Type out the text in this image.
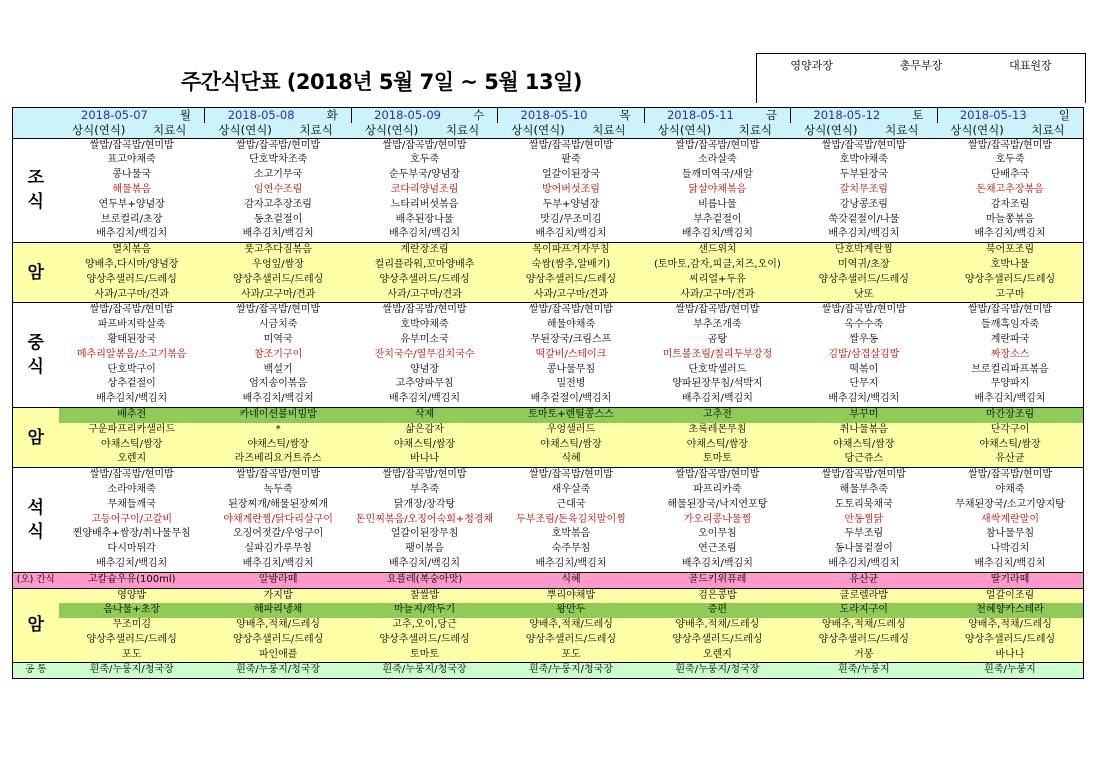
주간식단표 (2018년 5월 7일 ~ 5월 13일)
영양과장	총무부장	대표원장
	2018-05-07 월	2018-05-08 화	2018-05-09 수	2018-05-10 목	2018-05-11 금	2018-05-12 토	2018-05-13 일
	상식(연식) 치료식	상식(연식) 치료식	상식(연식) 치료식	상식(연식) 치료식	상식(연식) 치료식	상식(연식) 치료식	상식(연식) 치료식
조
식	쌀밥/잡곡밥/현미밥	쌀밥/잡곡밥/현미밥	쌀밥/잡곡밥/현미밥	쌀밥/잡곡밥/현미밥	쌀밥/잡곡밥/현미밥	쌀밥/잡곡밥/현미밥	쌀밥/잡곡밥/현미밥
	표고야채죽	단호박차조죽	호두죽	팥죽	소라살죽	호박야채죽	호두죽
	콩나물국	소고기무국	순두부국/양념장	얼갈이된장국	들깨미역국/새알	두부된장국	단배추국
	해물볶음	임연수조림	코다리양념조림	방어버섯조림	닭살야채볶음	갈치무조림	돈채고추장볶음
	연두부+양념장	감자고추장조림	느타리버섯볶음	두부+양념장	비름나물	강낭콩조림	감자조림
	브로컬리/초장	동초겉절이	배추된장나물	맛김/무조미김	부추겉절이	쑥갓겉절이/나물	마늘쫑볶음
	배추김치/백김치	배추김치/백김치	배추김치/백김치	배추김치/백김치	배추김치/백김치	배추김치/백김치	배추김치/백김치
암	멸치볶음	풋고추다짐볶음	계란장조림	목이파프겨자무침	샌드위치	단호박계란찜	북어포조림
	양배추,다시마/양념장	우엉잎/쌈장	컬리플라워,꼬마양배추	숙쌈(쌈추,알배기)	(토마토,감자,피클,치즈,오이)	미역귀/초장	호박나물
	양상추샐러드/드레싱	양상추샐러드/드레싱	양상추샐러드/드레싱	양상추샐러드/드레싱	씨리얼+두유	양상추샐러드/드레싱	양상추샐러드/드레싱
	사과/고구마/견과	사과/고구마/견과	사과/고구마/견과	사과/고구마/견과	사과/고구마/견과	낫또	고구마
중
식	쌀밥/잡곡밥/현미밥	쌀밥/잡곡밥/현미밥	쌀밥/잡곡밥/현미밥	쌀밥/잡곡밥/현미밥	쌀밥/잡곡밥/현미밥	쌀밥/잡곡밥/현미밥	쌀밥/잡곡밥/현미밥
	파프바지락살죽	시금치죽	호박야채죽	해물야채죽	부추조개죽	옥수수죽	들깨흑임자죽
	황태된장국	미역국	유부미소국	무된장국/크림스프	곰탕	쌀우동	계란파국
	메추리알볶음/소고기볶음	참조기구이	잔치국수/열무김치국수	떡갈비/스테이크	미트볼조림/칠리두부강정	김밥/삼겹살김밥	짜장소스
	단호박구이	백설기	양념장	콩나물무침	단호박샐러드	떡볶이	브로컬리파프볶음
	상추겉절이	엄지송이볶음	고추양파무침	밀전병	양파된장무침/석박지	단무지	무양파지
	배추김치/백김치	배추김치/백김치	배추김치/백김치	배추겉절이/백김치	배추김치/백김치	배추김치/백김치	배추김치/백김치
암	배추전	카네이션볼비빔밥	삭제	토마토+렌틸콩스스	고추전	부꾸미	마간장조림
	구운파프리카샐러드	*	삶은감자	우엉샐러드	초록레몬무침	취나물볶음	단각구이
	야채스틱/쌈장	야채스틱/쌈장	야채스틱/쌈장	야채스틱/쌈장	야채스틱/쌈장	야채스틱/쌈장	야채스틱/쌈장
	오렌지	라즈베리요거트쥬스	바나나	식혜	토마토	당근쥬스	유산균
석
식	쌀밥/잡곡밥/현미밥	쌀밥/잡곡밥/현미밥	쌀밥/잡곡밥/현미밥	쌀밥/잡곡밥/현미밥	쌀밥/잡곡밥/현미밥	쌀밥/잡곡밥/현미밥	쌀밥/잡곡밥/현미밥
	소라야채죽	녹두죽	부추죽	새우살죽	파프리카죽	해물부추죽	야채죽
	무채들깨국	된장찌개/해물된장찌개	닭개장/장각탕	근대국	해물된장국/낙지연포탕	도토리묵채국	무채된장국/소고기양지탕
	고등어구이/고갈비	야채계란찜/닭다리살구이	돈민찌볶음/오징어숙회+청경채	두부조림/돈육김치말이찜	가오리콩나물찜	안동찜닭	새싹계란말이
	찐양배추+쌈장/취나물무침	오징어젓갈/우엉구이	얼갈이된장무침	호박볶음	오이무침	두부조림	참나물무침
	다시마튀각	실파김가루무침	팽이볶음	숙주무침	연근조림	동나물겉절이	나박김치
	배추김치/백김치	배추김치/백김치	배추김치/백김치	배추김치/백김치	배추김치/백김치	배추김치/백김치	배추김치/백김치
(오) 간식	고칼슘우유(100ml)	알밤라떼	요플레(복숭아맛)	식혜	골드키위퓨레	유산균	딸기라떼
암	영양밥	가지밥	찰쌀밥	뿌리야채밥	검은콩밥	클로렐라밥	얼갈이조림
	음나물+초장	해파리냉채	마늘지/깍두기	왕만두	증편	도라지구이	천혜향카스테라
	무조미김	양배추,적채/드레싱	고추,오이,당근	양배추,적채/드레싱	양배추,적채/드레싱	양배추,적채/드레싱	양배추,적채/드레싱
	양상추샐러드/드레싱	양상추샐러드/드레싱	양상추샐러드/드레싱	양상추샐러드/드레싱	양상추샐러드/드레싱	양상추샐러드/드레싱	양상추샐러드/드레싱
	포도	파인애플	토마토	포도	오렌지	거봉	바나나
공 통	흰죽/누룽지/청국장	흰죽/누룽지/청국장	흰죽/누룽지/청국장	흰죽/누룽지/청국장	흰죽/누룽지/청국장	흰죽/누룽지	흰죽/누룽지
